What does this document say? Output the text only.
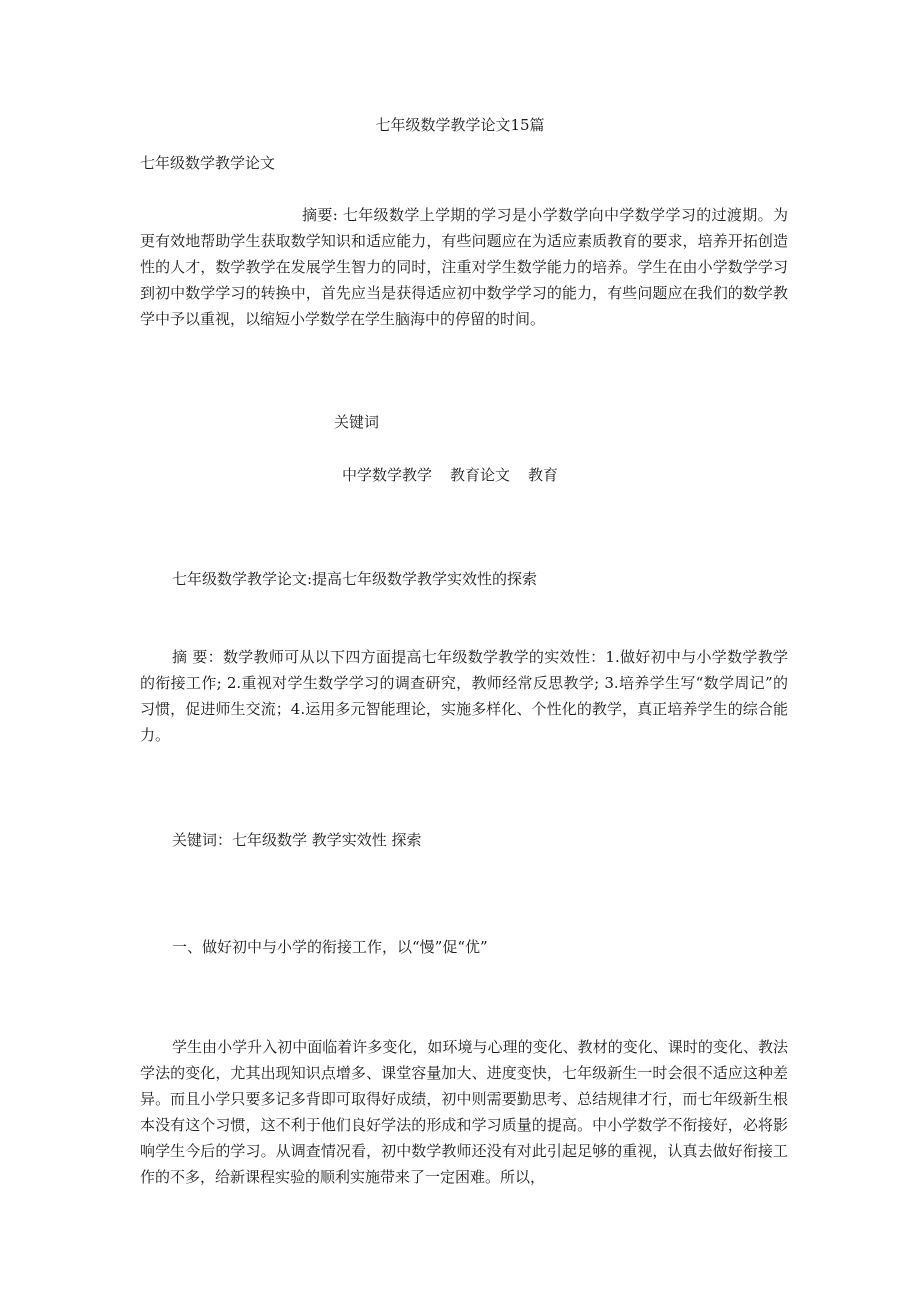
七年级数学教学论文15篇
七年级数学教学论文

摘要: 七年级数学上学期的学习是小学数学向中学数学学习的过渡期。为更有效地帮助学生获取数学知识和适应能力，有些问题应在为适应素质教育的要求，培养开拓创造性的人才，数学教学在发展学生智力的同时，注重对学生数学能力的培养。学生在由小学数学学习到初中数学学习的转换中，首先应当是获得适应初中数学学习的能力，有些问题应在我们的数学教学中予以重视，以缩短小学数学在学生脑海中的停留的时间。

关键词
中学数学教学 教育论文 教育
七年级数学教学论文:提高七年级数学教学实效性的探索

摘 要：数学教师可从以下四方面提高七年级数学教学的实效性：1.做好初中与小学数学教学的衔接工作; 2.重视对学生数学学习的调查研究，教师经常反思教学; 3.培养学生写“数学周记”的习惯，促进师生交流；4.运用多元智能理论，实施多样化、个性化的教学，真正培养学生的综合能力。

关键词：七年级数学 教学实效性 探索
一、做好初中与小学的衔接工作，以“慢”促“优”

学生由小学升入初中面临着许多变化，如环境与心理的变化、教材的变化、课时的变化、教法学法的变化，尤其出现知识点增多、课堂容量加大、进度变快，七年级新生一时会很不适应这种差异。而且小学只要多记多背即可取得好成绩，初中则需要勤思考、总结规律才行，而七年级新生根本没有这个习惯，这不利于他们良好学法的形成和学习质量的提高。中小学数学不衔接好，必将影响学生今后的学习。从调查情况看，初中数学教师还没有对此引起足够的重视，认真去做好衔接工作的不多，给新课程实验的顺利实施带来了一定困难。所以，
